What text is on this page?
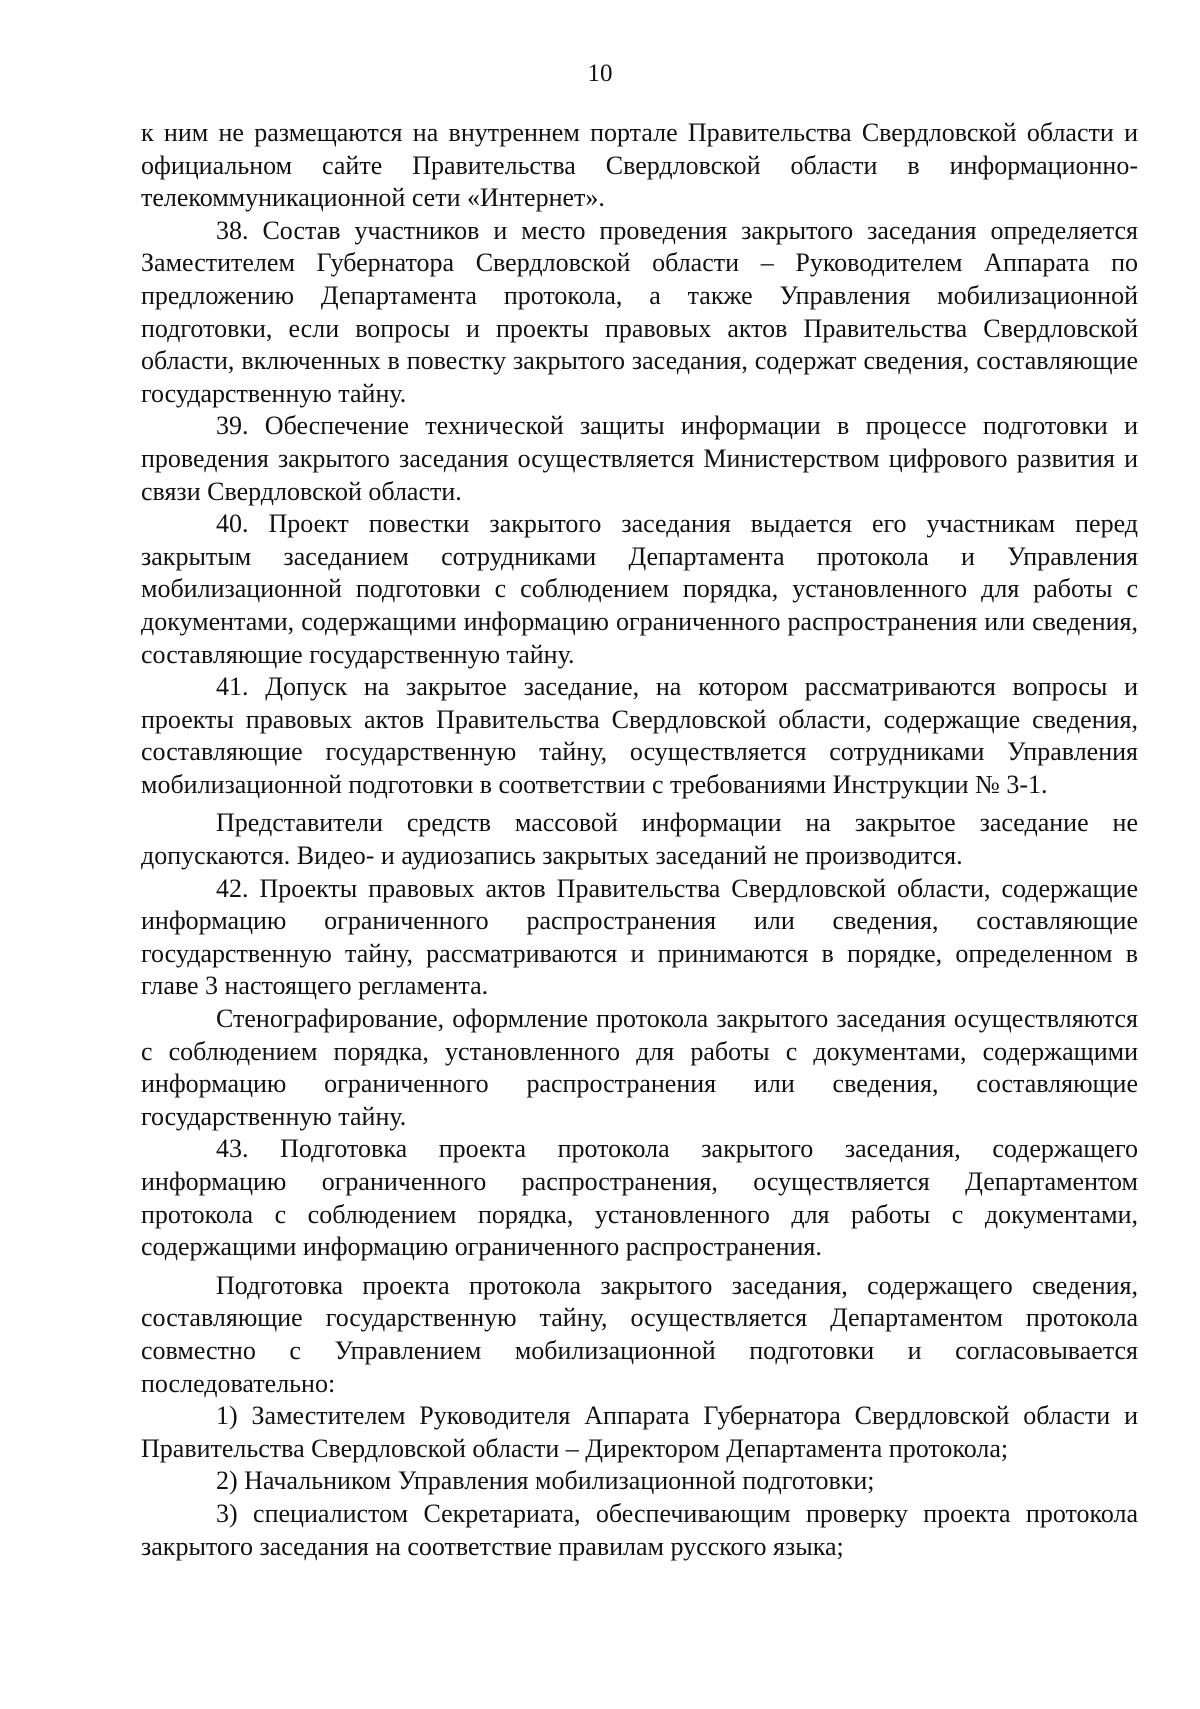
10

к ним не размещаются на внутреннем портале Правительства Свердловской области и официальном сайте Правительства Свердловской области в информационно-телекоммуникационной сети «Интернет».

38. Состав участников и место проведения закрытого заседания определяется Заместителем Губернатора Свердловской области – Руководителем Аппарата по предложению Департамента протокола, а также Управления мобилизационной подготовки, если вопросы и проекты правовых актов Правительства Свердловской области, включенных в повестку закрытого заседания, содержат сведения, составляющие государственную тайну.

39. Обеспечение технической защиты информации в процессе подготовки и проведения закрытого заседания осуществляется Министерством цифрового развития и связи Свердловской области.

40. Проект повестки закрытого заседания выдается его участникам перед закрытым заседанием сотрудниками Департамента протокола и Управления мобилизационной подготовки с соблюдением порядка, установленного для работы с документами, содержащими информацию ограниченного распространения или сведения, составляющие государственную тайну.

41. Допуск на закрытое заседание, на котором рассматриваются вопросы и проекты правовых актов Правительства Свердловской области, содержащие сведения, составляющие государственную тайну, осуществляется сотрудниками Управления мобилизационной подготовки в соответствии с требованиями Инструкции № 3-1.

Представители средств массовой информации на закрытое заседание не допускаются. Видео- и аудиозапись закрытых заседаний не производится.

42. Проекты правовых актов Правительства Свердловской области, содержащие информацию ограниченного распространения или сведения, составляющие государственную тайну, рассматриваются и принимаются в порядке, определенном в главе 3 настоящего регламента.

Стенографирование, оформление протокола закрытого заседания осуществляются с соблюдением порядка, установленного для работы с документами, содержащими информацию ограниченного распространения или сведения, составляющие государственную тайну.

43. Подготовка проекта протокола закрытого заседания, содержащего информацию ограниченного распространения, осуществляется Департаментом протокола с соблюдением порядка, установленного для работы с документами, содержащими информацию ограниченного распространения.

Подготовка проекта протокола закрытого заседания, содержащего сведения, составляющие государственную тайну, осуществляется Департаментом протокола совместно с Управлением мобилизационной подготовки и согласовывается последовательно:

1) Заместителем Руководителя Аппарата Губернатора Свердловской области и Правительства Свердловской области – Директором Департамента протокола;

2) Начальником Управления мобилизационной подготовки;

3) специалистом Секретариата, обеспечивающим проверку проекта протокола закрытого заседания на соответствие правилам русского языка;
